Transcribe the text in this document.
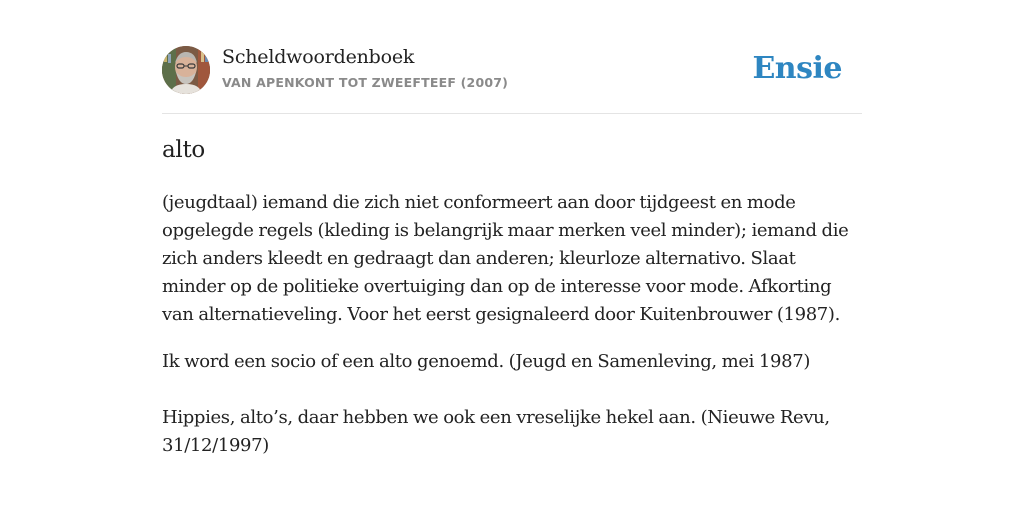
Scheldwoordenboek
VAN APENKONT TOT ZWEEFTEEF (2007)	Ensie
alto
(jeugdtaal) iemand die zich niet conformeert aan door tijdgeest en mode opgelegde regels (kleding is belangrijk maar merken veel minder); iemand die zich anders kleedt en gedraagt dan anderen; kleurloze alternativo. Slaat minder op de politieke overtuiging dan op de interesse voor mode. Afkorting van alternatieveling. Voor het eerst gesignaleerd door Kuitenbrouwer (1987).
Ik word een socio of een alto genoemd. (Jeugd en Samenleving, mei 1987)
Hippies, alto’s, daar hebben we ook een vreselijke hekel aan. (Nieuwe Revu, 31/12/1997)
